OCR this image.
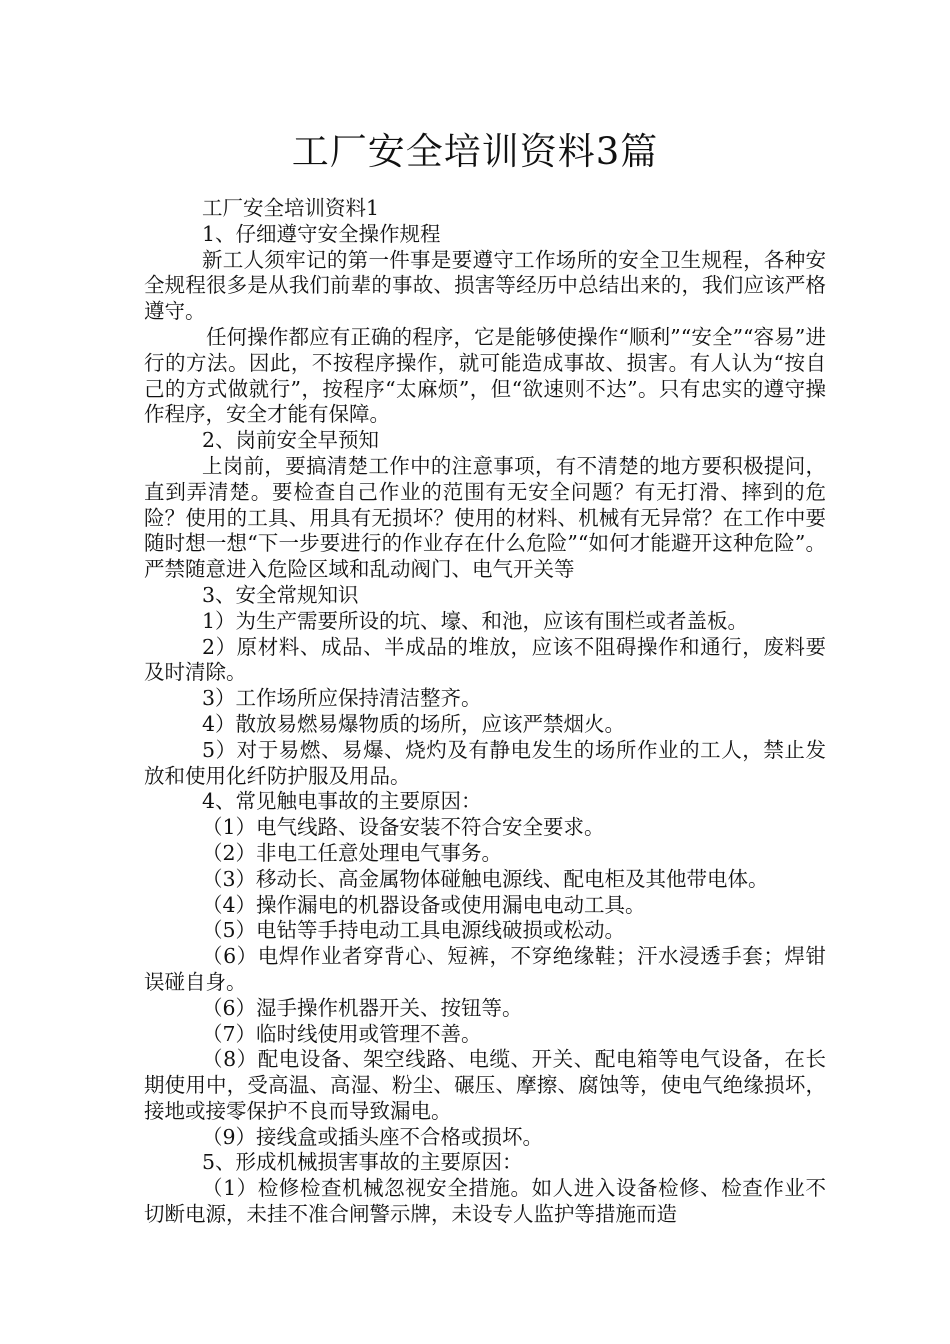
工厂安全培训资料3篇

工厂安全培训资料1

1、仔细遵守安全操作规程

新工人须牢记的第一件事是要遵守工作场所的安全卫生规程，各种安全规程很多是从我们前辈的事故、损害等经历中总结出来的，我们应该严格遵守。

任何操作都应有正确的程序，它是能够使操作“顺利”“安全”“容易”进行的方法。因此，不按程序操作，就可能造成事故、损害。有人认为“按自己的方式做就行”，按程序“太麻烦”，但“欲速则不达”。只有忠实的遵守操作程序，安全才能有保障。

2、岗前安全早预知

上岗前，要搞清楚工作中的注意事项，有不清楚的地方要积极提问，直到弄清楚。要检查自己作业的范围有无安全问题？有无打滑、摔到的危险？使用的工具、用具有无损坏？使用的材料、机械有无异常？在工作中要随时想一想“下一步要进行的作业存在什么危险”“如何才能避开这种危险”。严禁随意进入危险区域和乱动阀门、电气开关等

3、安全常规知识

1）为生产需要所设的坑、壕、和池，应该有围栏或者盖板。

2）原材料、成品、半成品的堆放，应该不阻碍操作和通行，废料要及时清除。

3）工作场所应保持清洁整齐。

4）散放易燃易爆物质的场所，应该严禁烟火。

5）对于易燃、易爆、烧灼及有静电发生的场所作业的工人，禁止发放和使用化纤防护服及用品。

4、常见触电事故的主要原因：

（1）电气线路、设备安装不符合安全要求。

（2）非电工任意处理电气事务。

（3）移动长、高金属物体碰触电源线、配电柜及其他带电体。

（4）操作漏电的机器设备或使用漏电电动工具。

（5）电钻等手持电动工具电源线破损或松动。

（6）电焊作业者穿背心、短裤，不穿绝缘鞋；汗水浸透手套；焊钳误碰自身。

（6）湿手操作机器开关、按钮等。

（7）临时线使用或管理不善。

（8）配电设备、架空线路、电缆、开关、配电箱等电气设备，在长期使用中，受高温、高湿、粉尘、碾压、摩擦、腐蚀等，使电气绝缘损坏，接地或接零保护不良而导致漏电。

（9）接线盒或插头座不合格或损坏。

5、形成机械损害事故的主要原因：

（1）检修检查机械忽视安全措施。如人进入设备检修、检查作业不切断电源，未挂不准合闸警示牌，未设专人监护等措施而造
